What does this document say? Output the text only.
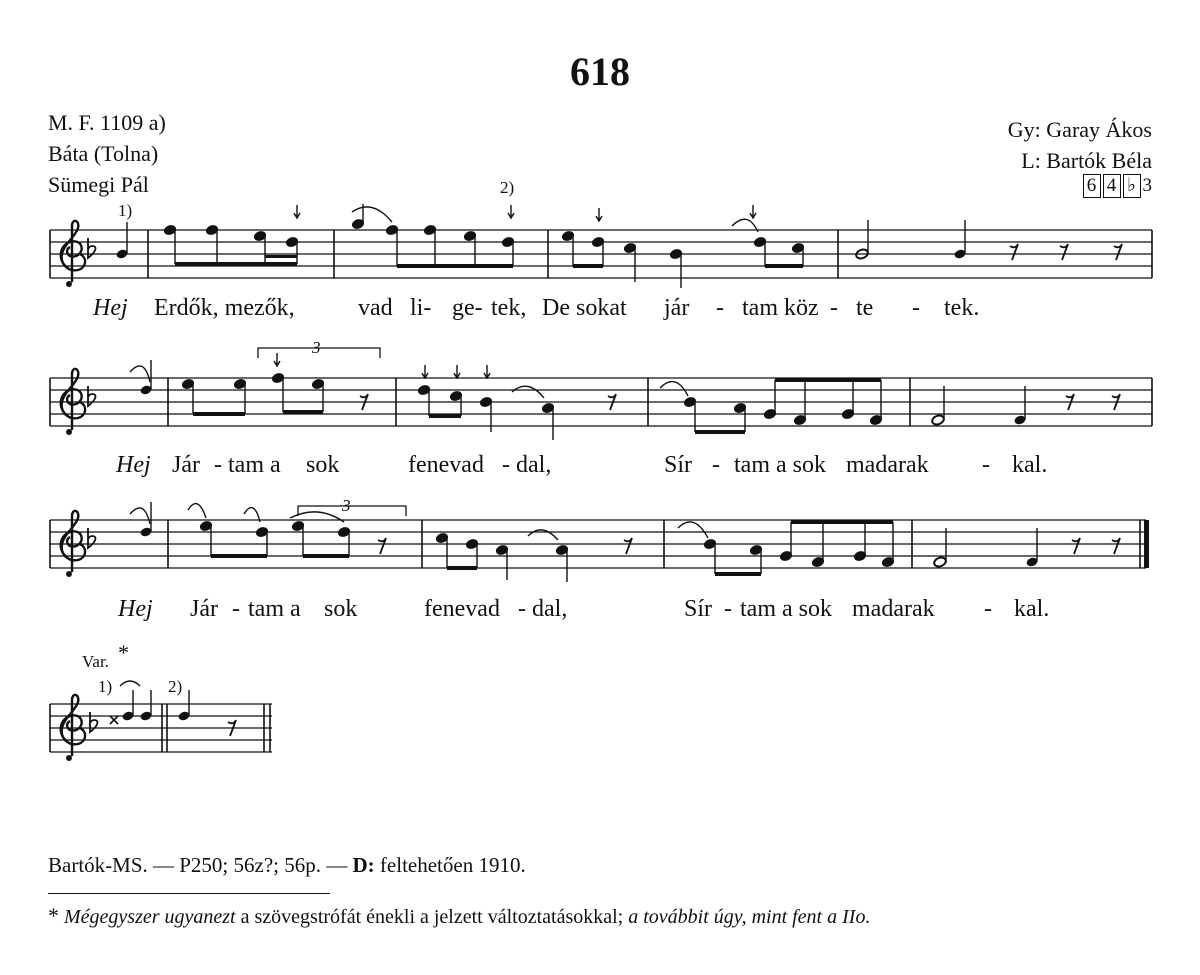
618
M. F. 1109 a)
Báta (Tolna)
Sümegi Pál
Gy: Garay Ákos
L: Bartók Béla
6 4 ♭ 3
1)
2)
3
3
Var. *
1)	2)
Hej Erdők, mezők,	vad li- ge- tek, De sokat jár - tam köz - te - tek.
Hej Jár - tam a sok	fenevad - dal,	Sír - tam a sok madarak - kal.
Hej Jár - tam a sok	fenevad - dal,	Sír - tam a sok madarak - kal.
Bartók-MS. — P250; 56z?; 56p. — D: feltehetően 1910.
* Mégegyszer ugyanezt a szövegstrófát énekli a jelzett változtatásokkal; a továbbit úgy, mint fent a IIo.
